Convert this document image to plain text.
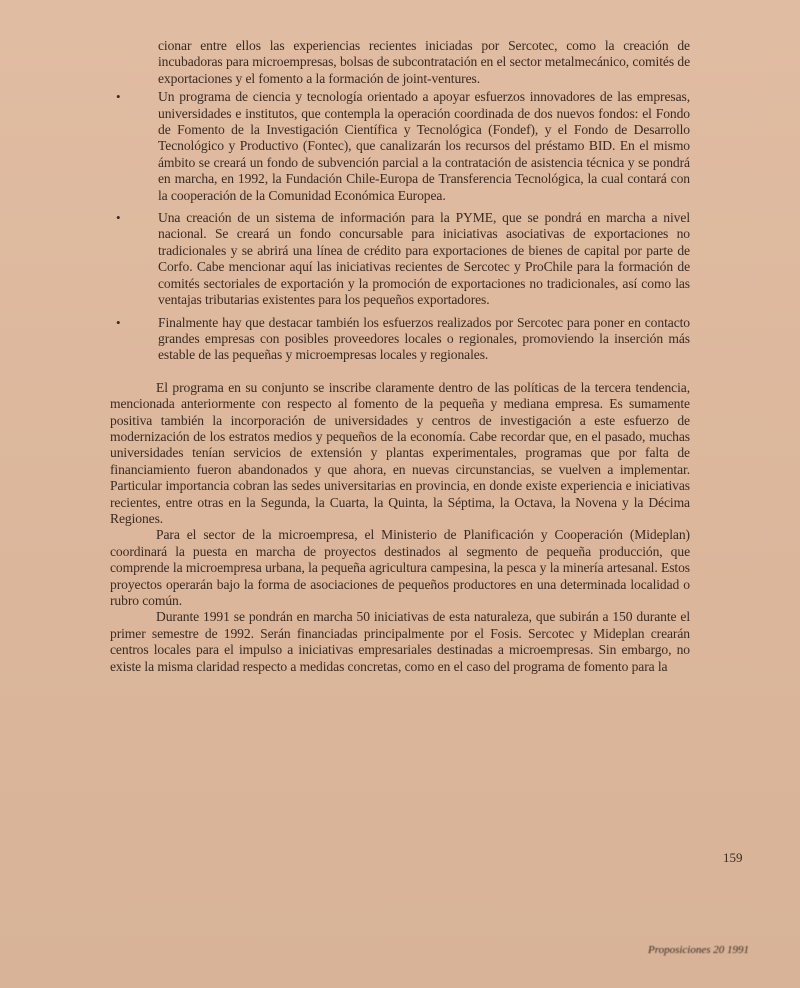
cionar entre ellos las experiencias recientes iniciadas por Sercotec, como la creación de incubadoras para microempresas, bolsas de subcontratación en el sector metalmecánico, comités de exportaciones y el fomento a la formación de joint-ventures.

•	Un programa de ciencia y tecnología orientado a apoyar esfuerzos innovadores de las empresas, universidades e institutos, que contempla la operación coordinada de dos nuevos fondos: el Fondo de Fomento de la Investigación Científica y Tecnológica (Fondef), y el Fondo de Desarrollo Tecnológico y Productivo (Fontec), que canalizarán los recursos del préstamo BID. En el mismo ámbito se creará un fondo de subvención parcial a la contratación de asistencia técnica y se pondrá en marcha, en 1992, la Fundación Chile-Europa de Transferencia Tecnológica, la cual contará con la cooperación de la Comunidad Económica Europea.
•	Una creación de un sistema de información para la PYME, que se pondrá en marcha a nivel nacional. Se creará un fondo concursable para iniciativas asociativas de exportaciones no tradicionales y se abrirá una línea de crédito para exportaciones de bienes de capital por parte de Corfo. Cabe mencionar aquí las iniciativas recientes de Sercotec y ProChile para la formación de comités sectoriales de exportación y la promoción de exportaciones no tradicionales, así como las ventajas tributarias existentes para los pequeños exportadores.
•	Finalmente hay que destacar también los esfuerzos realizados por Sercotec para poner en contacto grandes empresas con posibles proveedores locales o regionales, promoviendo la inserción más estable de las pequeñas y microempresas locales y regionales.

El programa en su conjunto se inscribe claramente dentro de las políticas de la tercera tendencia, mencionada anteriormente con respecto al fomento de la pequeña y mediana empresa. Es sumamente positiva también la incorporación de universidades y centros de investigación a este esfuerzo de modernización de los estratos medios y pequeños de la economía. Cabe recordar que, en el pasado, muchas universidades tenían servicios de extensión y plantas experimentales, programas que por falta de financiamiento fueron abandonados y que ahora, en nuevas circunstancias, se vuelven a implementar. Particular importancia cobran las sedes universitarias en provincia, en donde existe experiencia e iniciativas recientes, entre otras en la Segunda, la Cuarta, la Quinta, la Séptima, la Octava, la Novena y la Décima Regiones.

Para el sector de la microempresa, el Ministerio de Planificación y Cooperación (Mideplan) coordinará la puesta en marcha de proyectos destinados al segmento de pequeña producción, que comprende la microempresa urbana, la pequeña agricultura campesina, la pesca y la minería artesanal. Estos proyectos operarán bajo la forma de asociaciones de pequeños productores en una determinada localidad o rubro común.

Durante 1991 se pondrán en marcha 50 iniciativas de esta naturaleza, que subirán a 150 durante el primer semestre de 1992. Serán financiadas principalmente por el Fosis. Sercotec y Mideplan crearán centros locales para el impulso a iniciativas empresariales destinadas a microempresas. Sin embargo, no existe la misma claridad respecto a medidas concretas, como en el caso del programa de fomento para la

159
Proposiciones 20 1991
